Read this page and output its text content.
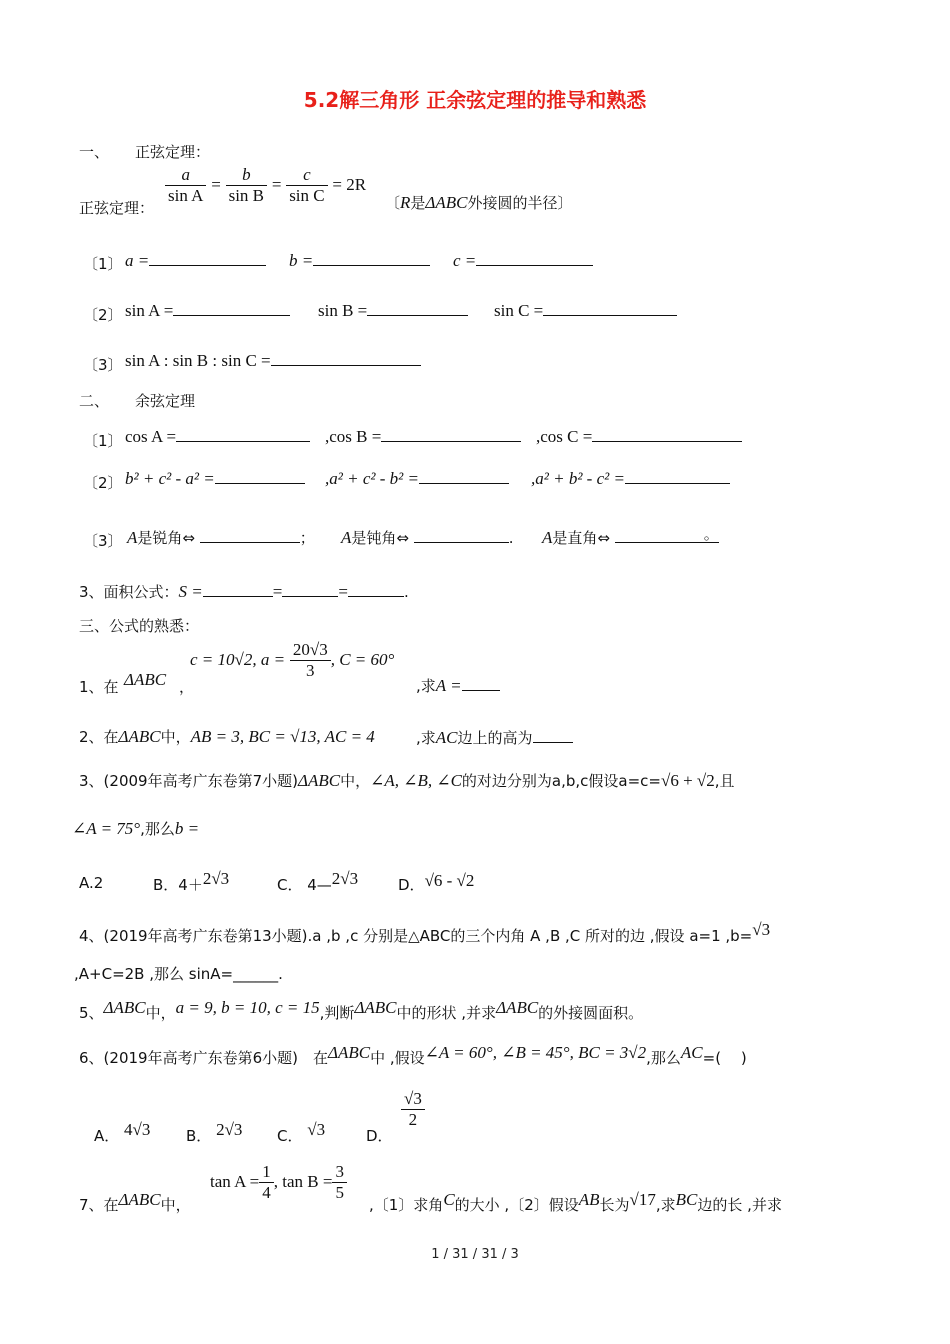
5.2解三角形 正余弦定理的推导和熟悉
一、 正弦定理：
$\frac{a}{\text{sin A}} = \frac{b}{\text{sin B}} = \frac{c}{\text{sin C}} = 2R$
正弦定理：	〔R是ΔABC外接圆的半径〕
〔1〕 a =	b =	c =
〔2〕 sin A =	sin B =	sin C =
〔3〕 sin A : sin B : sin C =
二、 余弦定理
〔1〕 cos A =	,cos B =	,cos C =
〔2〕 b² + c² - a² =	,a² + c² - b² =	,a² + b² - c² =
〔3〕 A是锐角⇔	； A是钝角⇔	. A是直角⇔	。
3、面积公式：S =	=	=	.
三、公式的熟悉：
1、在 ΔABC ，
c = 10√2, $a = \frac{20√3}{3}$ , C = 60°
,求A =
2、在ΔABC中，AB = 3, BC = √13, AC = 4	,求AC边上的高为
3、(2009年高考广东卷第7小题)ΔABC中，∠A, ∠B, ∠C的对边分别为a,b,c假设a=c=√6 + √2,且
∠A = 75°,那么b =
A.2	B．4＋2√3	C． 4—2√3	D．√6 - √2
4、(2019年高考广东卷第13小题).a ,b ,c 分别是△ABC的三个内角 A ,B ,C 所对的边 ,假设 a=1 ,b=√3
,A+C=2B ,那么 sinA=______.
5、ΔABC中，a = 9, b = 10, c = 15,判断ΔABC中的形状 ,并求ΔABC的外接圆面积。
6、(2019年高考广东卷第6小题)　在ΔABC中 ,假设∠A = 60°, ∠B = 45°, BC = 3√2,那么AC=(　 )
A． 4√3 B． 2√3 C． √3	D．
$\frac{√3}{2}$
7、在ΔABC中，
$\tan A = \frac{1}{4}$ , $\tan B = \frac{3}{5}$
,〔1〕求角C的大小 ,〔2〕假设AB长为√17,求BC边的长 ,并求
1 / 31 / 31 / 3
